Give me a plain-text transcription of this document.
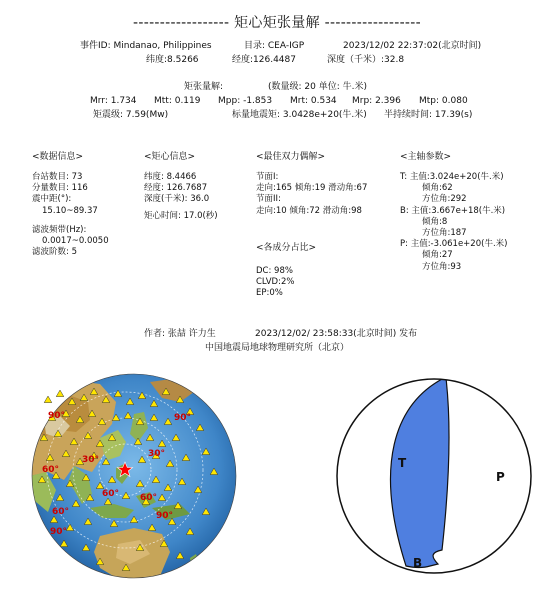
------------------ 矩心矩张量解 ------------------
事件ID: Mindanao, Philippines	目录: CEA-IGP	2023/12/02 22:37:02(北京时间)
纬度:8.5266	经度:126.4487	深度（千米）:32.8
矩张量解:	(数量级: 20 单位: 牛.米)
Mrr: 1.734 Mtt: 0.119 Mpp: -1.853 Mrt: 0.534 Mrp: 2.396 Mtp: 0.080
矩震级: 7.59(Mw)	标量地震矩: 3.0428e+20(牛.米) 半持续时间: 17.39(s)
<数据信息>
台站数目: 73
分量数目: 116
震中距(°):
15.10~89.37
滤波频带(Hz):
0.0017~0.0050
滤波阶数: 5
<矩心信息>
纬度: 8.4466
经度: 126.7687
深度(千米): 36.0
矩心时间: 17.0(秒)
<最佳双力偶解>
节面I:
走向:165 倾角:19 滑动角:67
节面II:
走向:10 倾角:72 滑动角:98
<各成分占比>
DC: 98%
CLVD:2%
EP:0%
<主轴参数>
T: 主值:3.024e+20(牛.米)
倾角:62
方位角:292
B: 主值:3.667e+18(牛.米)
倾角:8
方位角:187
P: 主值:-3.061e+20(牛.米)
倾角:27
方位角:93
作者: 张喆 许力生	2023/12/02/ 23:58:33(北京时间) 发布
中国地震局地球物理研究所（北京）
90°	90°
60°
30°
30°
60° 60°
90°
60°
90°
T
P
B
